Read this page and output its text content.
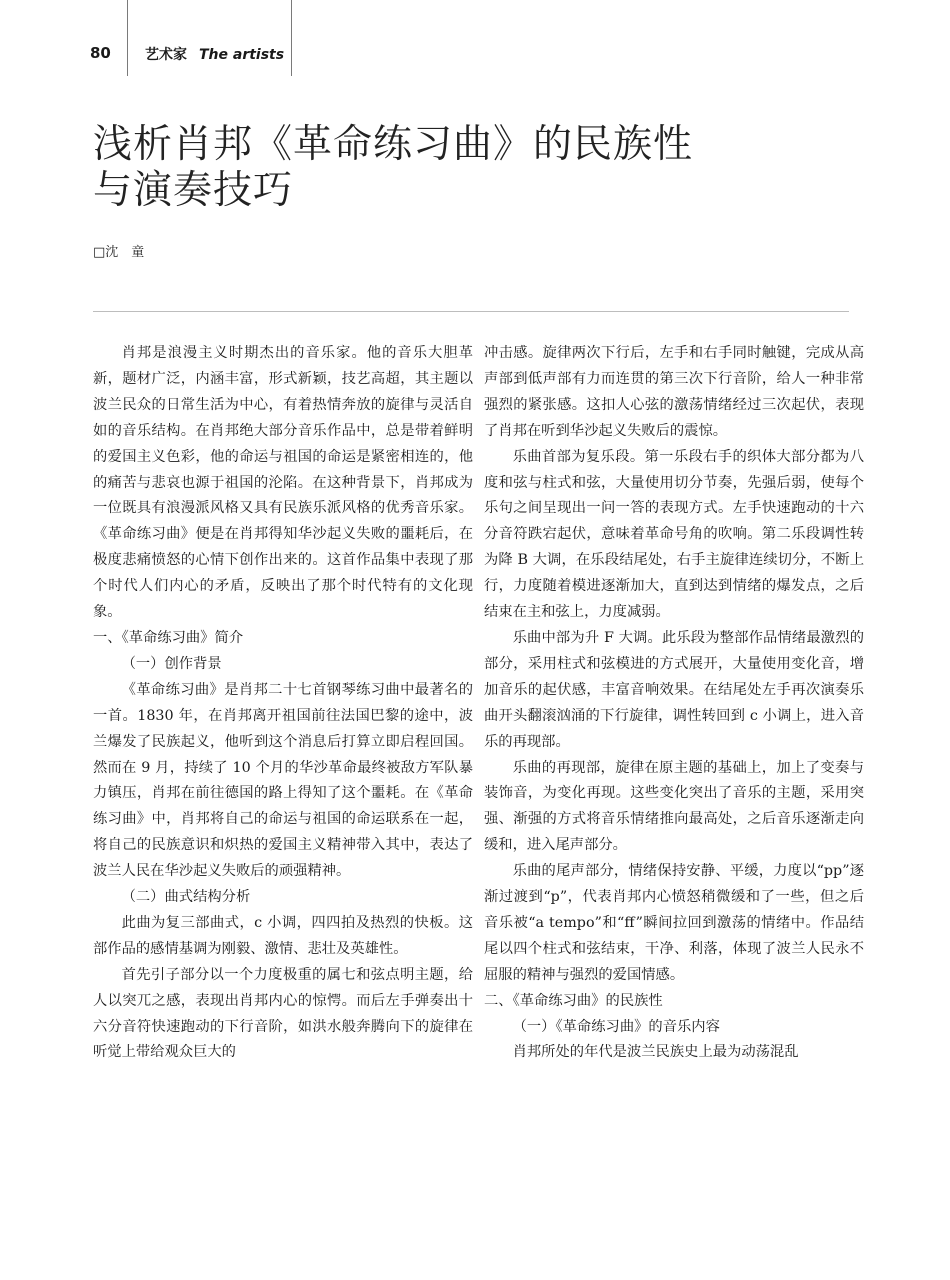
80 艺术家 The artists
浅析肖邦《革命练习曲》的民族性
与演奏技巧
□沈　童

肖邦是浪漫主义时期杰出的音乐家。他的音乐大胆革新，题材广泛，内涵丰富，形式新颖，技艺高超，其主题以波兰民众的日常生活为中心，有着热情奔放的旋律与灵活自如的音乐结构。在肖邦绝大部分音乐作品中，总是带着鲜明的爱国主义色彩，他的命运与祖国的命运是紧密相连的，他的痛苦与悲哀也源于祖国的沦陷。在这种背景下，肖邦成为一位既具有浪漫派风格又具有民族乐派风格的优秀音乐家。《革命练习曲》便是在肖邦得知华沙起义失败的噩耗后，在极度悲痛愤怒的心情下创作出来的。这首作品集中表现了那个时代人们内心的矛盾，反映出了那个时代特有的文化现象。

一、《革命练习曲》简介

（一）创作背景

《革命练习曲》是肖邦二十七首钢琴练习曲中最著名的一首。1830 年，在肖邦离开祖国前往法国巴黎的途中，波兰爆发了民族起义，他听到这个消息后打算立即启程回国。然而在 9 月，持续了 10 个月的华沙革命最终被敌方军队暴力镇压，肖邦在前往德国的路上得知了这个噩耗。在《革命练习曲》中，肖邦将自己的命运与祖国的命运联系在一起，将自己的民族意识和炽热的爱国主义精神带入其中，表达了波兰人民在华沙起义失败后的顽强精神。

（二）曲式结构分析

此曲为复三部曲式，c 小调，四四拍及热烈的快板。这部作品的感情基调为刚毅、激情、悲壮及英雄性。

首先引子部分以一个力度极重的属七和弦点明主题，给人以突兀之感，表现出肖邦内心的惊愕。而后左手弹奏出十六分音符快速跑动的下行音阶，如洪水般奔腾向下的旋律在听觉上带给观众巨大的

冲击感。旋律两次下行后，左手和右手同时触键，完成从高声部到低声部有力而连贯的第三次下行音阶，给人一种非常强烈的紧张感。这扣人心弦的激荡情绪经过三次起伏，表现了肖邦在听到华沙起义失败后的震惊。

乐曲首部为复乐段。第一乐段右手的织体大部分都为八度和弦与柱式和弦，大量使用切分节奏，先强后弱，使每个乐句之间呈现出一问一答的表现方式。左手快速跑动的十六分音符跌宕起伏，意味着革命号角的吹响。第二乐段调性转为降 B 大调，在乐段结尾处，右手主旋律连续切分，不断上行，力度随着模进逐渐加大，直到达到情绪的爆发点，之后结束在主和弦上，力度减弱。

乐曲中部为升 F 大调。此乐段为整部作品情绪最激烈的部分，采用柱式和弦模进的方式展开，大量使用变化音，增加音乐的起伏感，丰富音响效果。在结尾处左手再次演奏乐曲开头翻滚汹涌的下行旋律，调性转回到 c 小调上，进入音乐的再现部。

乐曲的再现部，旋律在原主题的基础上，加上了变奏与装饰音，为变化再现。这些变化突出了音乐的主题，采用突强、渐强的方式将音乐情绪推向最高处，之后音乐逐渐走向缓和，进入尾声部分。

乐曲的尾声部分，情绪保持安静、平缓，力度以“pp”逐渐过渡到“p”，代表肖邦内心愤怒稍微缓和了一些，但之后音乐被“a tempo”和“ff”瞬间拉回到激荡的情绪中。作品结尾以四个柱式和弦结束，干净、利落，体现了波兰人民永不屈服的精神与强烈的爱国情感。

二、《革命练习曲》的民族性

（一）《革命练习曲》的音乐内容

肖邦所处的年代是波兰民族史上最为动荡混乱
